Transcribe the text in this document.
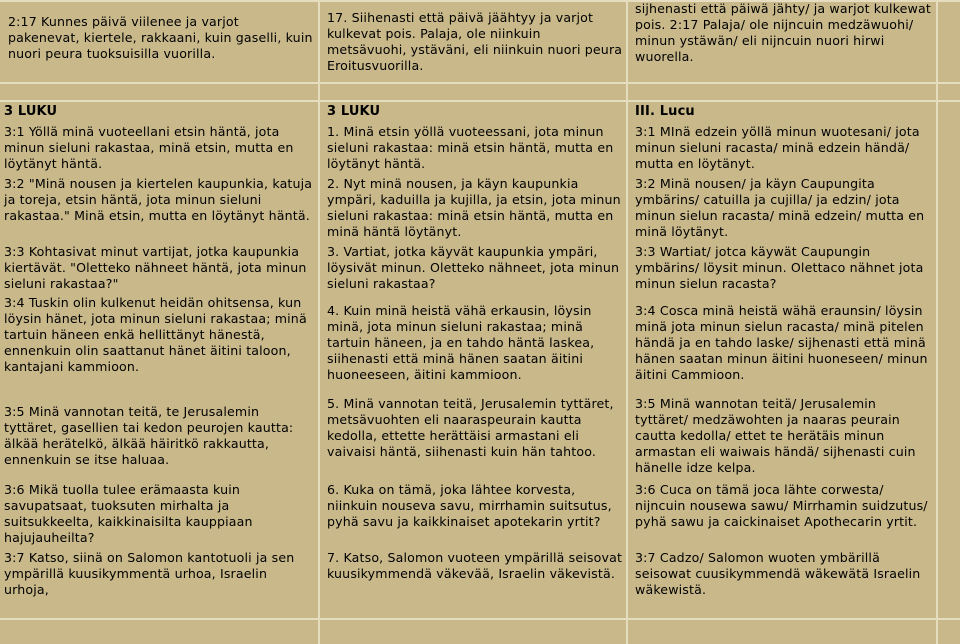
2:17 Kunnes päivä viilenee ja varjot pakenevat, kiertele, rakkaani, kuin gaselli, kuin nuori peura tuoksuisilla vuorilla.
17. Siihenasti että päivä jäähtyy ja varjot kulkevat pois. Palaja, ole niinkuin metsävuohi, ystäväni, eli niinkuin nuori peura Eroitusvuorilla.
sijhenasti että päiwä jähty/ ja warjot kulkewat pois. 2:17 Palaja/ ole nijncuin medzäwuohi/ minun ystäwän/ eli nijncuin nuori hirwi wuorella.
3 LUKU	3 LUKU	III. Lucu
3:1 Yöllä minä vuoteellani etsin häntä, jota minun sieluni rakastaa, minä etsin, mutta en löytänyt häntä.
3:2 "Minä nousen ja kiertelen kaupunkia, katuja ja toreja, etsin häntä, jota minun sieluni rakastaa." Minä etsin, mutta en löytänyt häntä.
3:3 Kohtasivat minut vartijat, jotka kaupunkia kiertävät. "Oletteko nähneet häntä, jota minun sieluni rakastaa?"
3:4 Tuskin olin kulkenut heidän ohitsensa, kun löysin hänet, jota minun sieluni rakastaa; minä tartuin häneen enkä hellittänyt hänestä, ennenkuin olin saattanut hänet äitini taloon, kantajani kammioon.
3:5 Minä vannotan teitä, te Jerusalemin tyttäret, gasellien tai kedon peurojen kautta: älkää herätelkö, älkää häiritkö rakkautta, ennenkuin se itse haluaa.
3:6 Mikä tuolla tulee erämaasta kuin savupatsaat, tuoksuten mirhalta ja suitsukkeelta, kaikkinaisilta kauppiaan hajujauheilta?
3:7 Katso, siinä on Salomon kantotuoli ja sen ympärillä kuusikymmentä urhoa, Israelin urhoja,
1. Minä etsin yöllä vuoteessani, jota minun sieluni rakastaa: minä etsin häntä, mutta en löytänyt häntä.
2. Nyt minä nousen, ja käyn kaupunkia ympäri, kaduilla ja kujilla, ja etsin, jota minun sieluni rakastaa: minä etsin häntä, mutta en minä häntä löytänyt.
3. Vartiat, jotka käyvät kaupunkia ympäri, löysivät minun. Oletteko nähneet, jota minun sieluni rakastaa?
4. Kuin minä heistä vähä erkausin, löysin minä, jota minun sieluni rakastaa; minä tartuin häneen, ja en tahdo häntä laskea, siihenasti että minä hänen saatan äitini huoneeseen, äitini kammioon.
5. Minä vannotan teitä, Jerusalemin tyttäret, metsävuohten eli naaraspeurain kautta kedolla, ettette herättäisi armastani eli vaivaisi häntä, siihenasti kuin hän tahtoo.
6. Kuka on tämä, joka lähtee korvesta, niinkuin nouseva savu, mirrhamin suitsutus, pyhä savu ja kaikkinaiset apotekarin yrtit?
7. Katso, Salomon vuoteen ympärillä seisovat kuusikymmendä väkevää, Israelin väkevistä.
3:1 MInä edzein yöllä minun wuotesani/ jota minun sieluni racasta/ minä edzein händä/ mutta en löytänyt.
3:2 Minä nousen/ ja käyn Caupungita ymbärins/ catuilla ja cujilla/ ja edzin/ jota minun sielun racasta/ minä edzein/ mutta en minä löytänyt.
3:3 Wartiat/ jotca käywät Caupungin ymbärins/ löysit minun. Olettaco nähnet jota minun sielun racasta?
3:4 Cosca minä heistä wähä eraunsin/ löysin minä jota minun sielun racasta/ minä pitelen händä ja en tahdo laske/ sijhenasti että minä hänen saatan minun äitini huoneseen/ minun äitini Cammioon.
3:5 Minä wannotan teitä/ Jerusalemin tyttäret/ medzäwohten ja naaras peurain cautta kedolla/ ettet te herätäis minun armastan eli waiwais händä/ sijhenasti cuin hänelle idze kelpa.
3:6 Cuca on tämä joca lähte corwesta/ nijncuin nousewa sawu/ Mirrhamin suidzutus/ pyhä sawu ja caickinaiset Apothecarin yrtit.
3:7 Cadzo/ Salomon wuoten ymbärillä seisowat cuusikymmendä wäkewätä Israelin wäkewistä.
